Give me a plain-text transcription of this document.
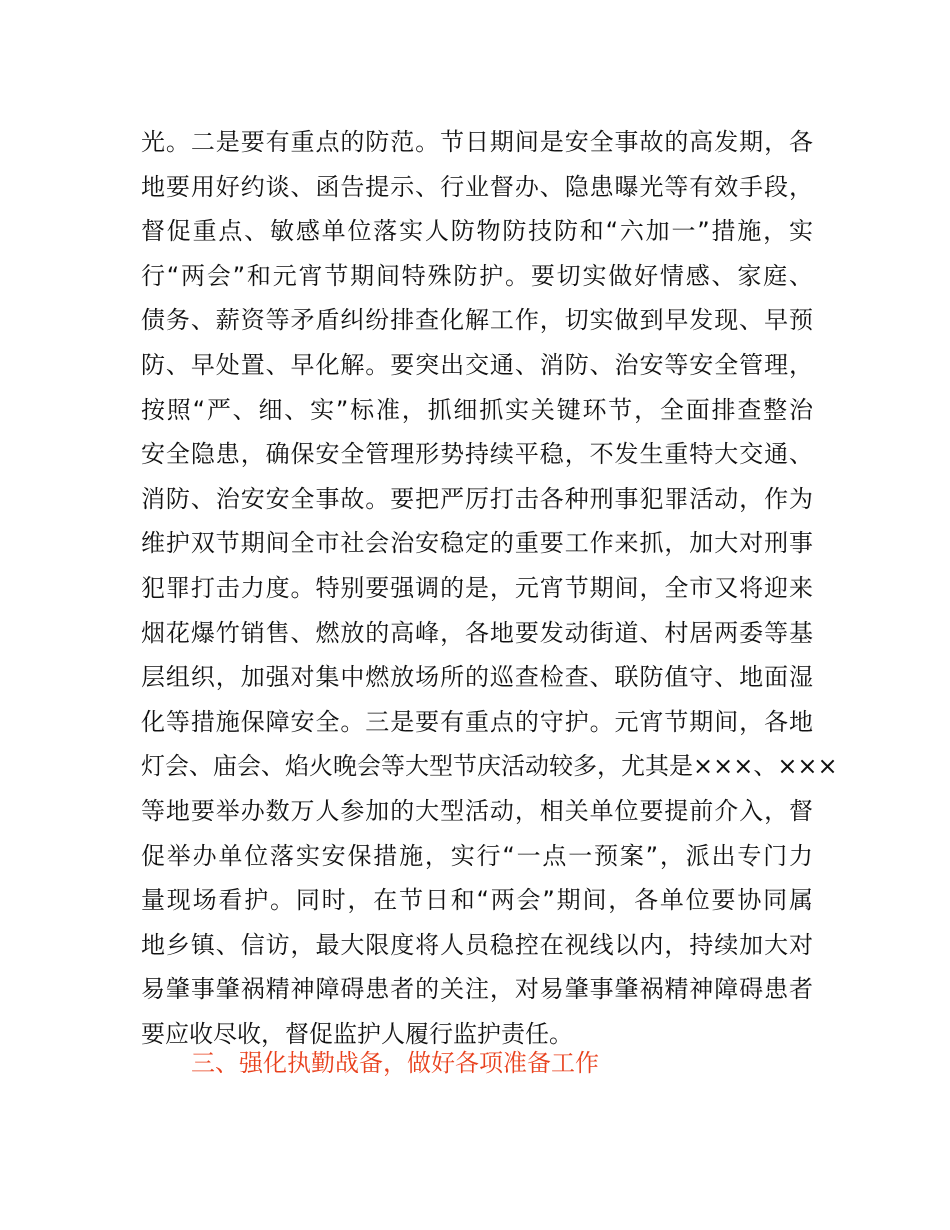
光。二是要有重点的防范。节日期间是安全事故的高发期，各
地要用好约谈、函告提示、行业督办、隐患曝光等有效手段，
督促重点、敏感单位落实人防物防技防和“六加一”措施，实
行“两会”和元宵节期间特殊防护。要切实做好情感、家庭、
债务、薪资等矛盾纠纷排查化解工作，切实做到早发现、早预
防、早处置、早化解。要突出交通、消防、治安等安全管理，
按照“严、细、实”标准，抓细抓实关键环节，全面排查整治
安全隐患，确保安全管理形势持续平稳，不发生重特大交通、
消防、治安安全事故。要把严厉打击各种刑事犯罪活动，作为
维护双节期间全市社会治安稳定的重要工作来抓，加大对刑事
犯罪打击力度。特别要强调的是，元宵节期间，全市又将迎来
烟花爆竹销售、燃放的高峰，各地要发动街道、村居两委等基
层组织，加强对集中燃放场所的巡查检查、联防值守、地面湿
化等措施保障安全。三是要有重点的守护。元宵节期间，各地
灯会、庙会、焰火晚会等大型节庆活动较多，尤其是×××、×××
等地要举办数万人参加的大型活动，相关单位要提前介入，督
促举办单位落实安保措施，实行“一点一预案”，派出专门力
量现场看护。同时，在节日和“两会”期间，各单位要协同属
地乡镇、信访，最大限度将人员稳控在视线以内，持续加大对
易肇事肇祸精神障碍患者的关注，对易肇事肇祸精神障碍患者
要应收尽收，督促监护人履行监护责任。
三、强化执勤战备，做好各项准备工作
